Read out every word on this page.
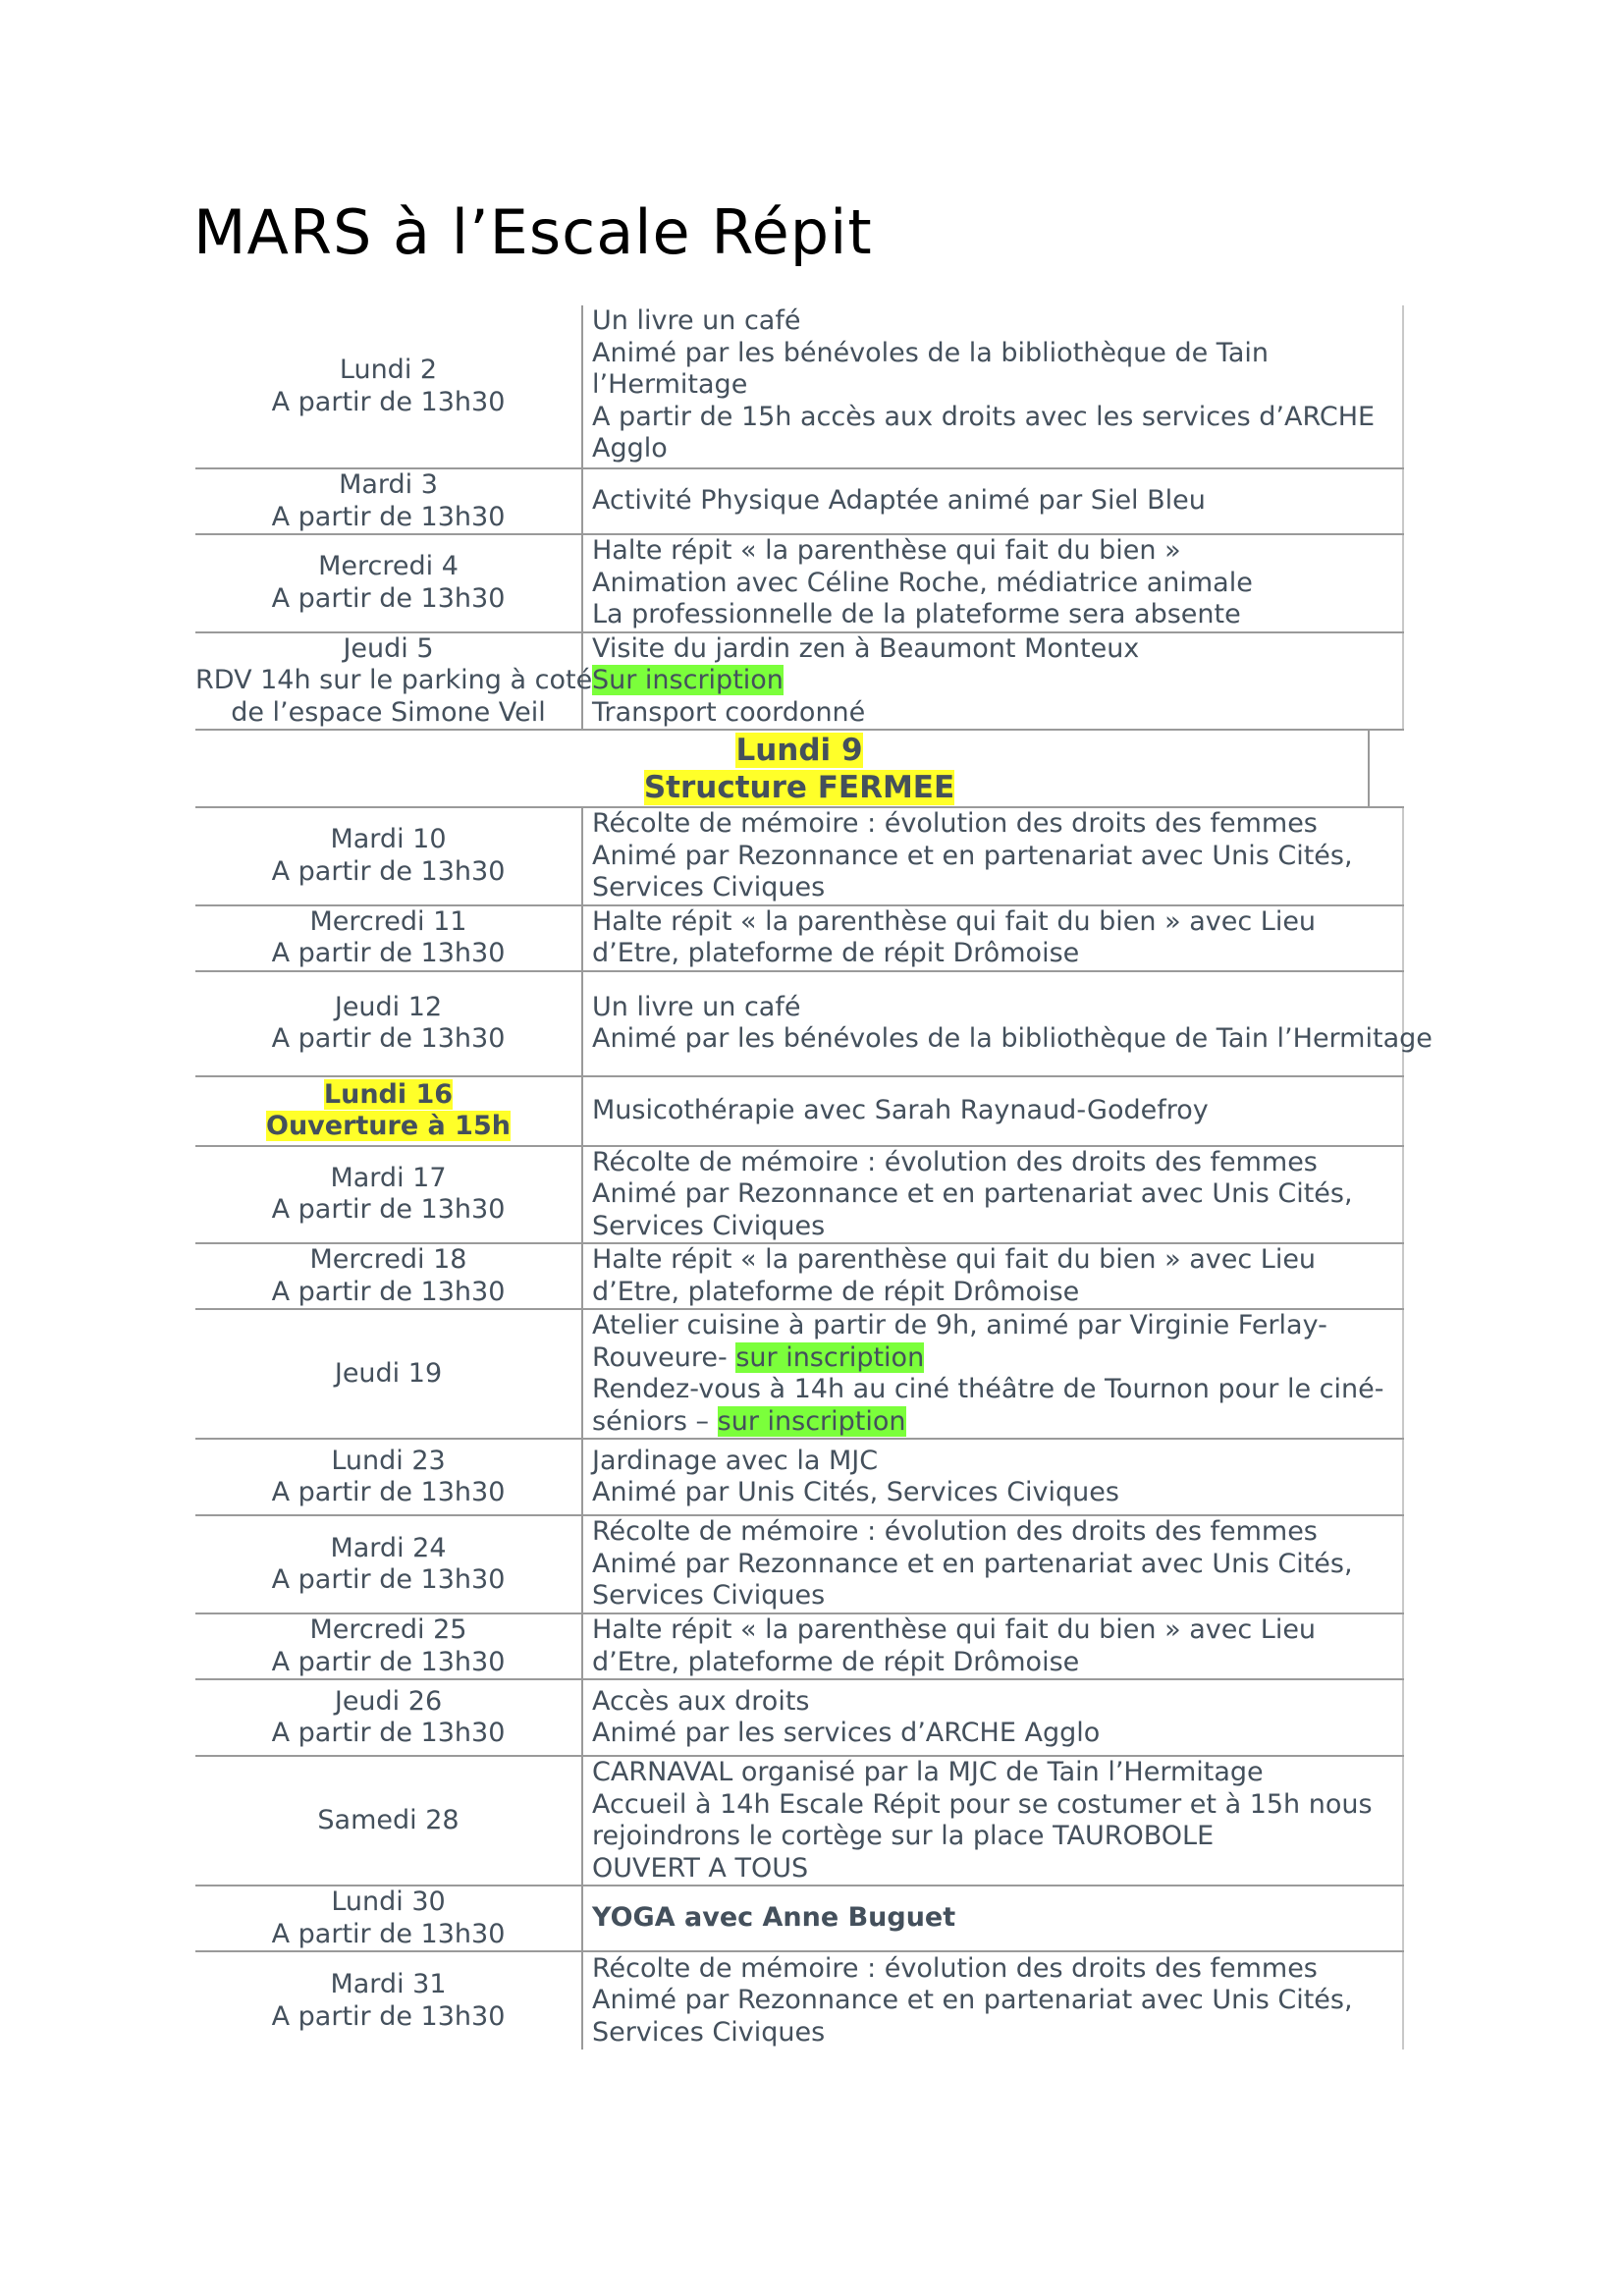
MARS à l’Escale Répit
Lundi 2
A partir de 13h30	Un livre un café
Animé par les bénévoles de la bibliothèque de Tain
l’Hermitage
A partir de 15h accès aux droits avec les services d’ARCHE
Agglo

Mardi 3
A partir de 13h30	Activité Physique Adaptée animé par Siel Bleu

Mercredi 4
A partir de 13h30	Halte répit « la parenthèse qui fait du bien »
Animation avec Céline Roche, médiatrice animale
La professionnelle de la plateforme sera absente

Jeudi 5
RDV 14h sur le parking à coté
de l’espace Simone Veil	Visite du jardin zen à Beaumont Monteux
Sur inscription
Transport coordonné

Lundi 9
Structure FERMEE	

Mardi 10
A partir de 13h30	Récolte de mémoire : évolution des droits des femmes
Animé par Rezonnance et en partenariat avec Unis Cités,
Services Civiques

Mercredi 11
A partir de 13h30	Halte répit « la parenthèse qui fait du bien » avec Lieu
d’Etre, plateforme de répit Drômoise

Jeudi 12
A partir de 13h30	Un livre un café
Animé par les bénévoles de la bibliothèque de Tain l’Hermitage

Lundi 16
Ouverture à 15h	Musicothérapie avec Sarah Raynaud-Godefroy

Mardi 17
A partir de 13h30	Récolte de mémoire : évolution des droits des femmes
Animé par Rezonnance et en partenariat avec Unis Cités,
Services Civiques

Mercredi 18
A partir de 13h30	Halte répit « la parenthèse qui fait du bien » avec Lieu
d’Etre, plateforme de répit Drômoise

Jeudi 19	Atelier cuisine à partir de 9h, animé par Virginie Ferlay-
Rouveure- sur inscription
Rendez-vous à 14h au ciné théâtre de Tournon pour le ciné-
séniors – sur inscription

Lundi 23
A partir de 13h30	Jardinage avec la MJC
Animé par Unis Cités, Services Civiques

Mardi 24
A partir de 13h30	Récolte de mémoire : évolution des droits des femmes
Animé par Rezonnance et en partenariat avec Unis Cités,
Services Civiques

Mercredi 25
A partir de 13h30	Halte répit « la parenthèse qui fait du bien » avec Lieu
d’Etre, plateforme de répit Drômoise

Jeudi 26
A partir de 13h30	Accès aux droits
Animé par les services d’ARCHE Agglo

Samedi 28	CARNAVAL organisé par la MJC de Tain l’Hermitage
Accueil à 14h Escale Répit pour se costumer et à 15h nous
rejoindrons le cortège sur la place TAUROBOLE
OUVERT A TOUS

Lundi 30
A partir de 13h30	YOGA avec Anne Buguet

Mardi 31
A partir de 13h30	Récolte de mémoire : évolution des droits des femmes
Animé par Rezonnance et en partenariat avec Unis Cités,
Services Civiques
